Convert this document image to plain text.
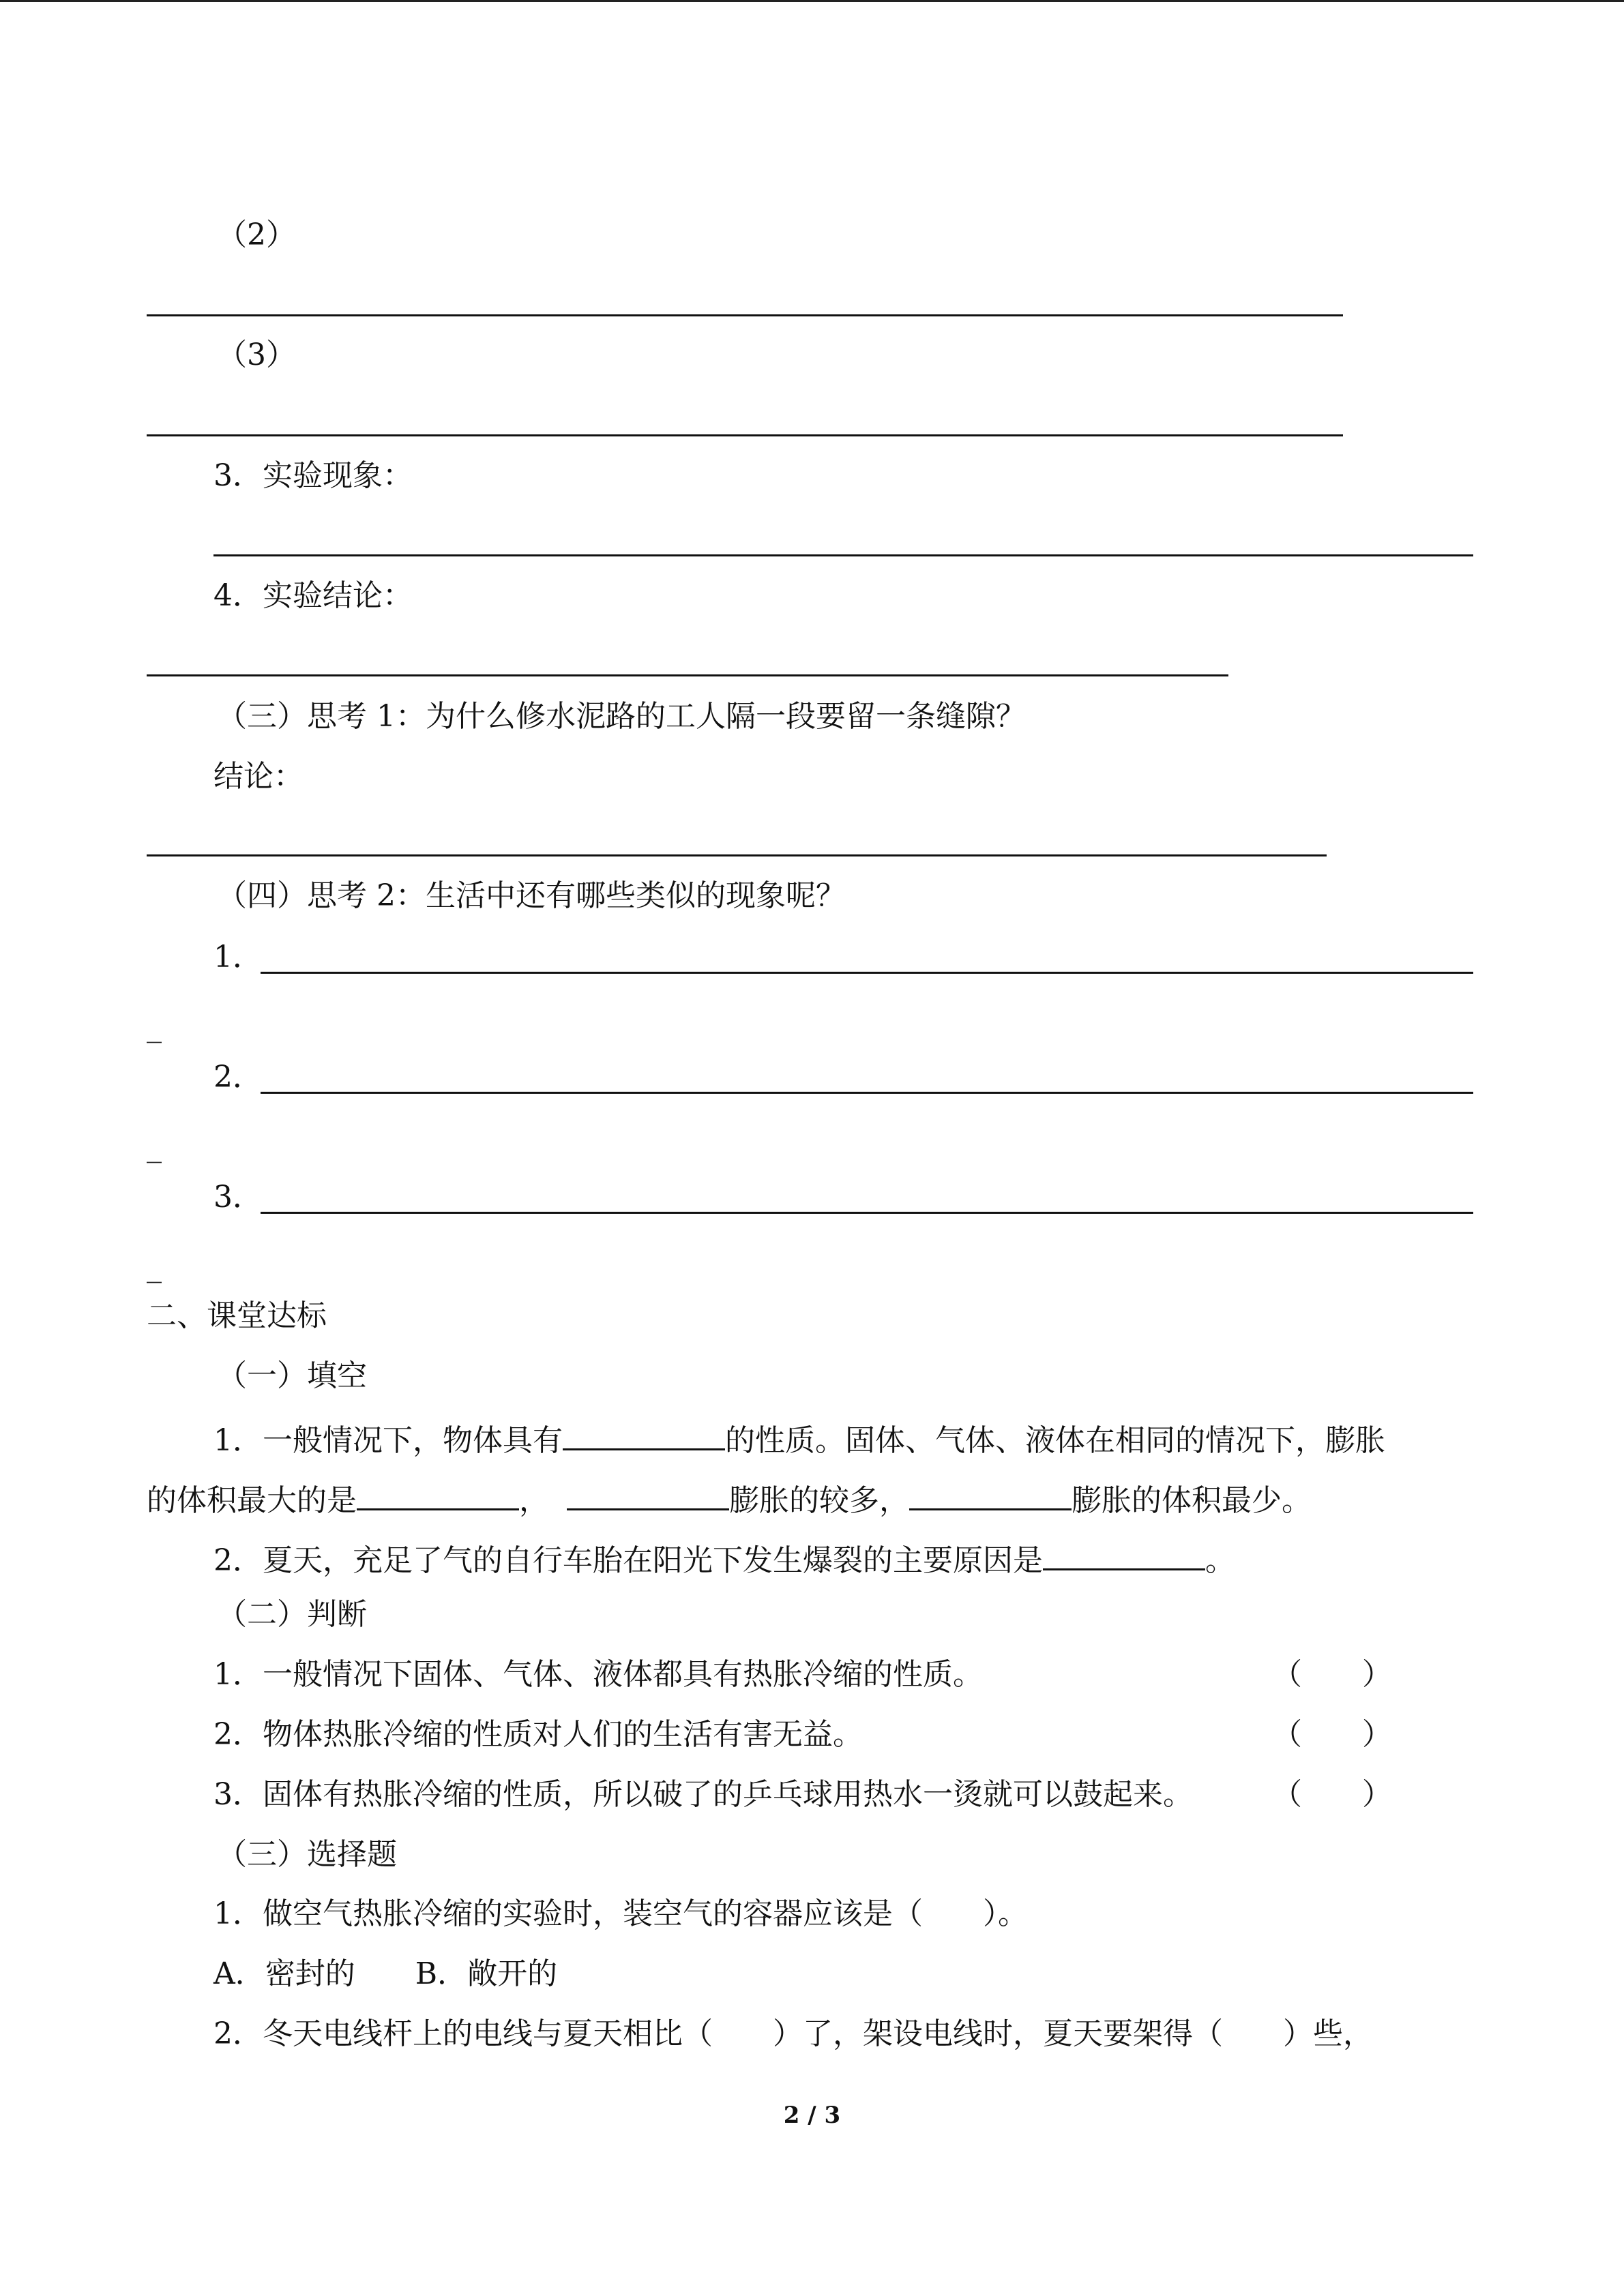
（2）
（3）
3．实验现象：
4．实验结论：
（三）思考 1：为什么修水泥路的工人隔一段要留一条缝隙？
结论：
（四）思考 2：生活中还有哪些类似的现象呢？
1．
_
2．
_
3．
_
二、课堂达标
（一）填空
1．一般情况下，物体具有	的性质。固体、气体、液体在相同的情况下，膨胀
的体积最大的是	，	膨胀的较多，	膨胀的体积最少。
2．夏天，充足了气的自行车胎在阳光下发生爆裂的主要原因是	。
（二）判断
1．一般情况下固体、气体、液体都具有热胀冷缩的性质。	（　　）
2．物体热胀冷缩的性质对人们的生活有害无益。	（　　）
3．固体有热胀冷缩的性质，所以破了的乒乓球用热水一烫就可以鼓起来。	（　　）
（三）选择题
1．做空气热胀冷缩的实验时，装空气的容器应该是（　　）。
A．密封的　　B．敞开的
2．冬天电线杆上的电线与夏天相比（　　）了，架设电线时，夏天要架得（　　）些，
2 / 3
